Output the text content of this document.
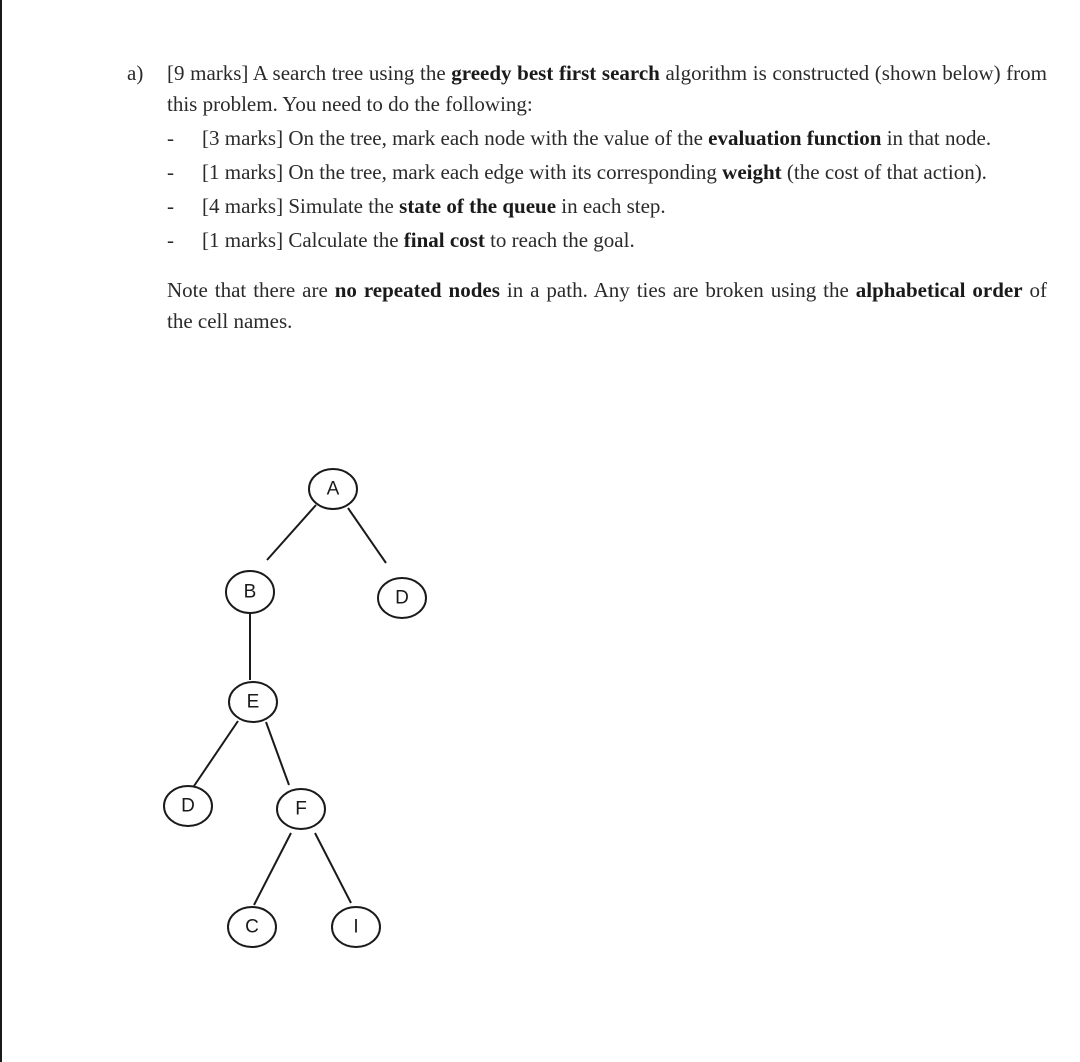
a) [9 marks] A search tree using the greedy best first search algorithm is constructed (shown below) from this problem. You need to do the following:
- [3 marks] On the tree, mark each node with the value of the evaluation function in that node.
- [1 marks] On the tree, mark each edge with its corresponding weight (the cost of that action).
- [4 marks] Simulate the state of the queue in each step.
- [1 marks] Calculate the final cost to reach the goal.
Note that there are no repeated nodes in a path. Any ties are broken using the alphabetical order of the cell names.
A
B	D
E
D	F
C	I
